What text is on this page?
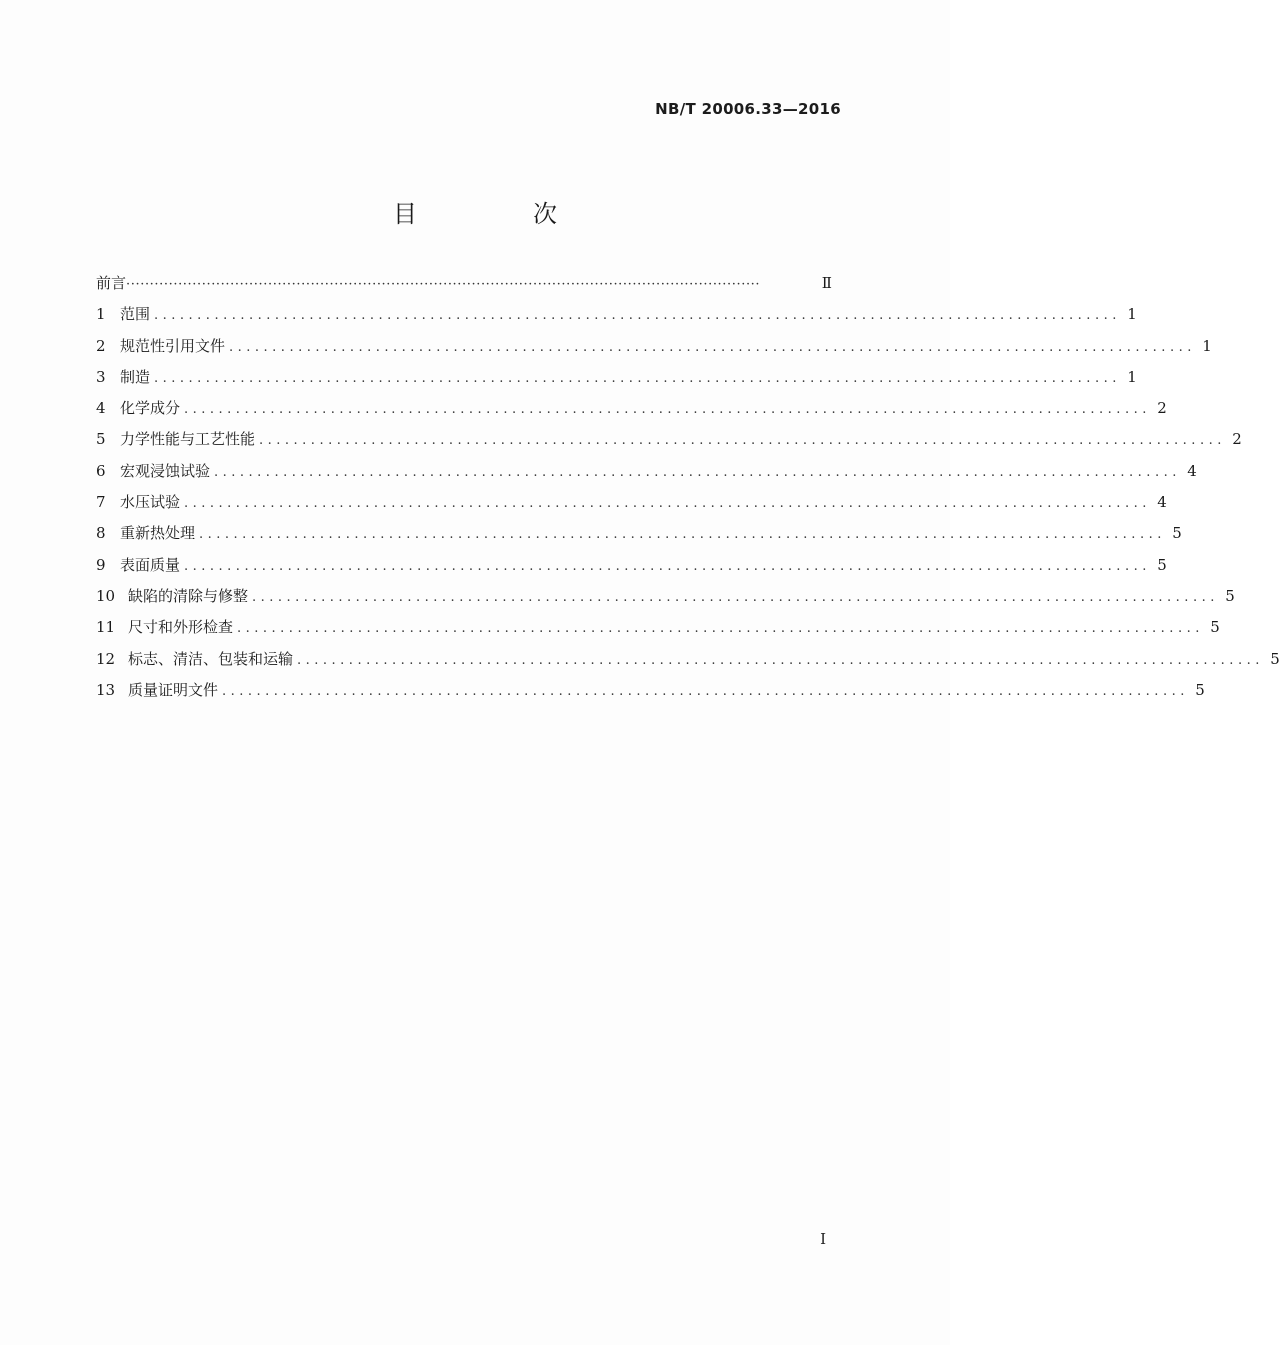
NB/T 20006.33—2016
目　次
前言 ······································································································································	Ⅱ
1 范围 ................................................................................................................ 1
2 规范性引用文件 ................................................................................................................ 1
3 制造 ................................................................................................................ 1
4 化学成分 ................................................................................................................ 2
5 力学性能与工艺性能 ................................................................................................................ 2
6 宏观浸蚀试验 ................................................................................................................ 4
7 水压试验 ................................................................................................................ 4
8 重新热处理 ................................................................................................................ 5
9 表面质量 ................................................................................................................ 5
10 缺陷的清除与修整 ................................................................................................................ 5
11 尺寸和外形检查 ................................................................................................................ 5
12 标志、清洁、包装和运输 ................................................................................................................ 5
13 质量证明文件 ................................................................................................................ 5
I
